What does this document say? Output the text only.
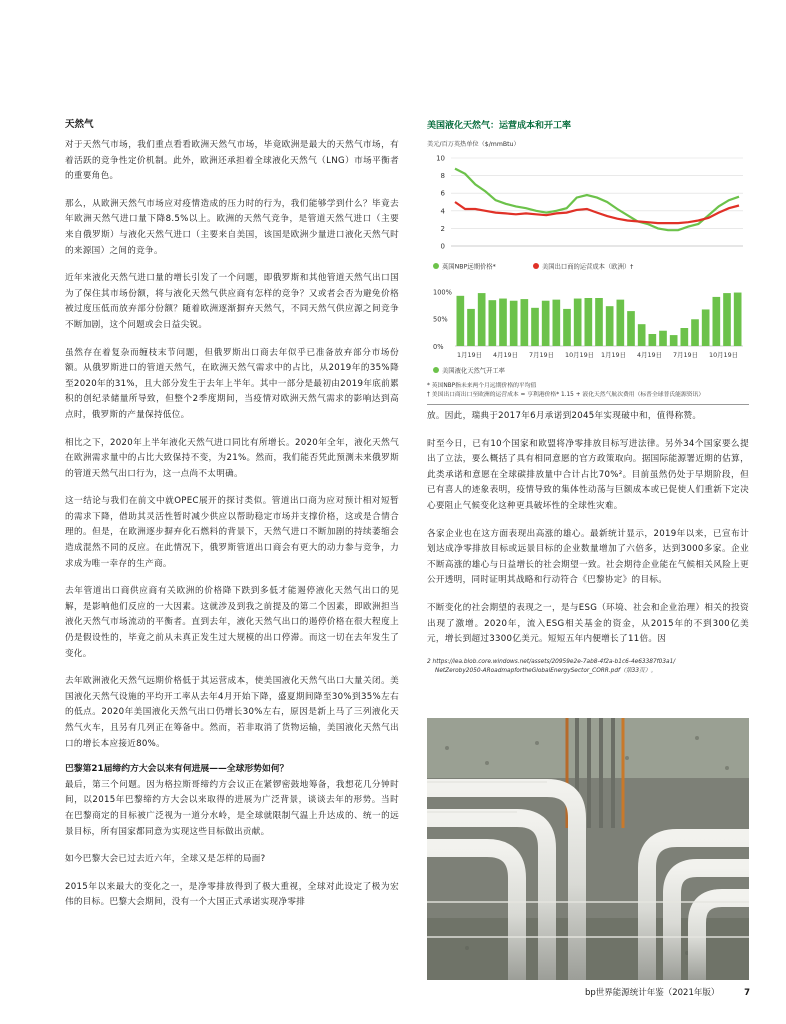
天然气

对于天然气市场，我们重点看看欧洲天然气市场，毕竟欧洲是最大的天然气市场，有着活跃的竞争性定价机制。此外，欧洲还承担着全球液化天然气（LNG）市场平衡者的重要角色。

那么，从欧洲天然气市场应对疫情造成的压力时的行为，我们能够学到什么？毕竟去年欧洲天然气进口量下降8.5%以上。欧洲的天然气竞争，是管道天然气进口（主要来自俄罗斯）与液化天然气进口（主要来自美国，该国是欧洲少量进口液化天然气时的来源国）之间的竞争。

近年来液化天然气进口量的增长引发了一个问题，即俄罗斯和其他管道天然气出口国为了保住其市场份额，将与液化天然气供应商有怎样的竞争？又或者会否为避免价格被过度压低而放弃部分份额？随着欧洲逐渐摒弃天然气，不同天然气供应源之间竞争不断加剧，这个问题或会日益尖锐。

虽然存在着复杂而缠枝末节问题，但俄罗斯出口商去年似乎已准备放弃部分市场份额。从俄罗斯进口的管道天然气，在欧洲天然气需求中的占比，从2019年的35%降至2020年的31%，且大部分发生于去年上半年。其中一部分是最初由2019年底前累积的创纪录储量所导致，但整个2季度期间，当疫情对欧洲天然气需求的影响达到高点时，俄罗斯的产量保持低位。

相比之下，2020年上半年液化天然气进口同比有所增长。2020年全年，液化天然气在欧洲需求量中的占比大致保持不变，为21%。然而，我们能否凭此预测未来俄罗斯的管道天然气出口行为，这一点尚不太明确。

这一结论与我们在前文中就OPEC展开的探讨类似。管道出口商为应对预计相对短暂的需求下降，借助其灵活性暂时减少供应以帮助稳定市场并支撑价格，这或是合情合理的。但是，在欧洲逐步摒弃化石燃料的背景下，天然气进口不断加剧的持续萎缩会造成混然不同的反应。在此情况下，俄罗斯管道出口商会有更大的动力参与竞争，力求成为唯一幸存的生产商。

去年管道出口商供应商有关欧洲的价格降下跌到多低才能遏停液化天然气出口的见解，是影响他们反应的一大因素。这就涉及到我之前提及的第二个因素，即欧洲担当液化天然气市场流动的平衡者。直到去年，液化天然气出口的遏停价格在很大程度上仍是假设性的，毕竟之前从未真正发生过大规模的出口停滞。而这一切在去年发生了变化。

去年欧洲液化天然气远期价格低于其运营成本，使美国液化天然气出口大量关闭。美国液化天然气设施的平均开工率从去年4月开始下降，盛夏期间降至30%到35%左右的低点。2020年美国液化天然气出口仍增长30%左右，原因是新上马了三列液化天然气火车，且另有几列正在筹备中。然而，若非取消了货物运输，美国液化天然气出口的增长本应接近80%。

巴黎第21届缔约方大会以来有何进展——全球形势如何？

最后，第三个问题。因为格拉斯哥缔约方会议正在紧锣密鼓地筹备，我想花几分钟时间，以2015年巴黎缔约方大会以来取得的进展为广泛背景，谈谈去年的形势。当时在巴黎商定的目标被广泛视为一道分水岭，是全球就限制气温上升达成的、统一的远景目标，所有国家都同意为实现这些目标做出贡献。

如今巴黎大会已过去近六年，全球又是怎样的局面?

2015年以来最大的变化之一，是净零排放得到了极大重视，全球对此设定了极为宏伟的目标。巴黎大会期间，没有一个大国正式承诺实现净零排

美国液化天然气：运营成本和开工率
美元/百万英热单位（$/mmBtu）
0
2
4
6
8
10
英国NBP远期价格*	美国出口商的运营成本（欧洲）†
100%
50%
0%
1月19日 4月19日 7月19日 10月19日 1月19日 4月19日 7月19日 10月19日
美国液化天然气开工率

* 英国NBP指未来两个月远期价格的平均值

† 美国出口商出口至欧洲的运营成本 = 亨利港价格* 1.15 + 液化天然气航次费用（标普全球普氏能源资讯）

放。因此，瑞典于2017年6月承诺到2045年实现破中和，值得称赞。

时至今日，已有10个国家和欧盟将净零排放目标写进法律。另外34个国家要么提出了立法，要么概括了具有相同意愿的官方政策取向。据国际能源署近期的估算，此类承诺和意愿在全球碳排放量中合计占比70%²。目前虽然仍处于早期阶段，但已有喜人的迹象表明，疫情导致的集体性动荡与巨额成本或已促使人们重新下定决心要阻止气候变化这种更具破坏性的全球性灾难。

各家企业也在这方面表现出高涨的雄心。最新统计显示，2019年以来，已宣布计划达成净零排放目标或远景目标的企业数量增加了六倍多，达到3000多家。企业不断高涨的雄心与日益增长的社会期望一致。社会期待企业能在气候相关风险上更公开透明，同时证明其战略和行动符合《巴黎协定》的目标。

不断变化的社会期望的表现之一，是与ESG（环境、社会和企业治理）相关的投资出现了激增。2020年，流入ESG相关基金的资金，从2015年的不到300亿美元，增长到超过3300亿美元。短短五年内便增长了11倍。因

2 https://iea.blob.core.windows.net/assets/20959e2e-7ab8-4f2a-b1c6-4e63387f03a1/

NetZeroby2050-ARoadmapfortheGlobalEnergySector_CORR.pdf（第33页）。

bp世界能源统计年鉴（2021年版）	7
